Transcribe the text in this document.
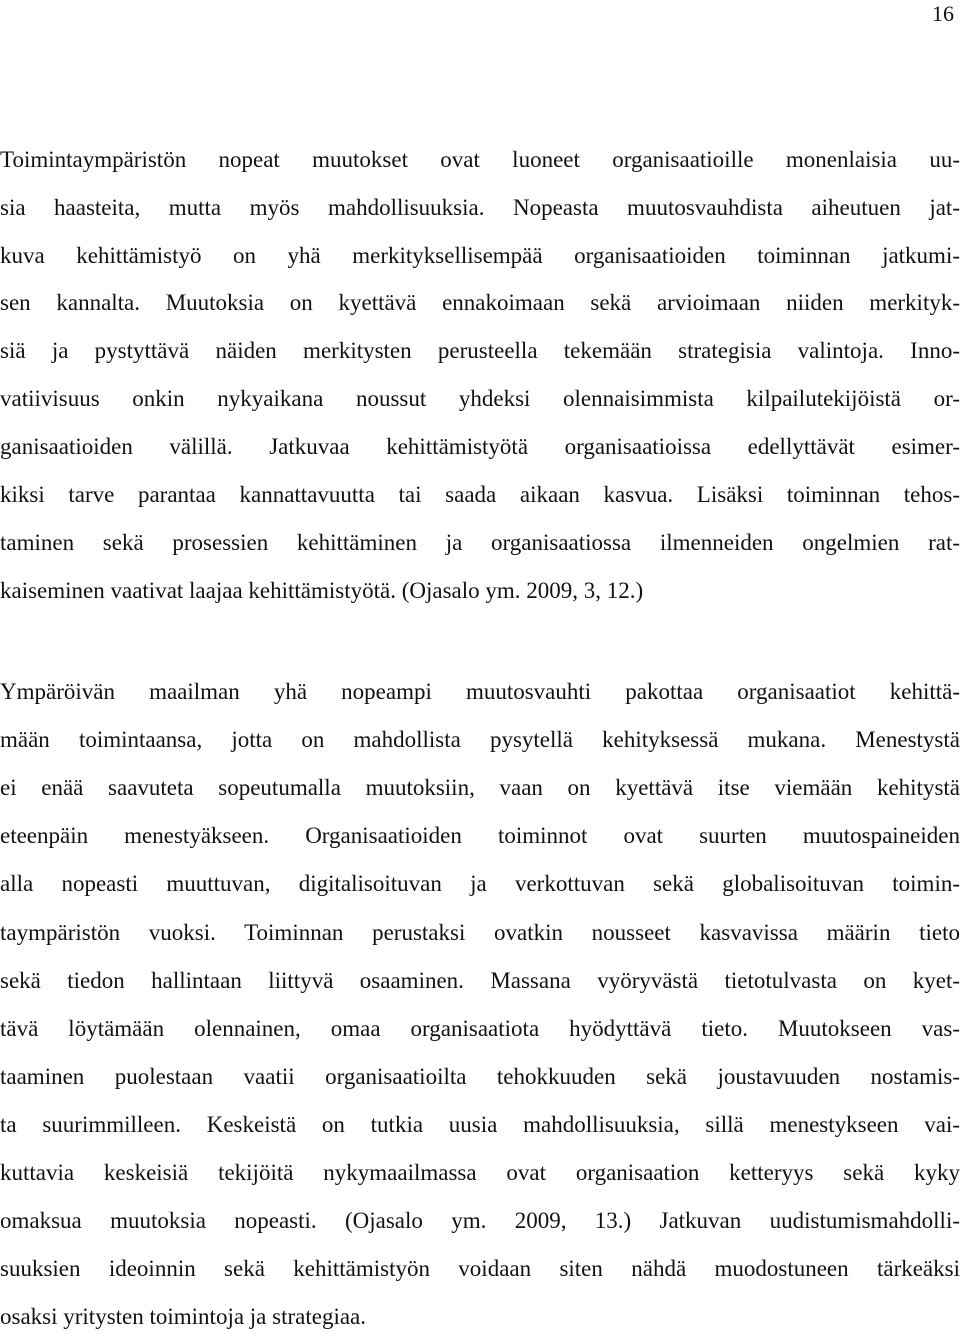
16
Toimintaympäristön nopeat muutokset ovat luoneet organisaatioille monenlaisia uu-
sia haasteita, mutta myös mahdollisuuksia. Nopeasta muutosvauhdista aiheutuen jat-
kuva kehittämistyö on yhä merkityksellisempää organisaatioiden toiminnan jatkumi-
sen kannalta. Muutoksia on kyettävä ennakoimaan sekä arvioimaan niiden merkityk-
siä ja pystyttävä näiden merkitysten perusteella tekemään strategisia valintoja. Inno-
vatiivisuus onkin nykyaikana noussut yhdeksi olennaisimmista kilpailutekijöistä or-
ganisaatioiden välillä. Jatkuvaa kehittämistyötä organisaatioissa edellyttävät esimer-
kiksi tarve parantaa kannattavuutta tai saada aikaan kasvua. Lisäksi toiminnan tehos-
taminen sekä prosessien kehittäminen ja organisaatiossa ilmenneiden ongelmien rat-
kaiseminen vaativat laajaa kehittämistyötä. (Ojasalo ym. 2009, 3, 12.)
Ympäröivän maailman yhä nopeampi muutosvauhti pakottaa organisaatiot kehittä-
mään toimintaansa, jotta on mahdollista pysytellä kehityksessä mukana. Menestystä
ei enää saavuteta sopeutumalla muutoksiin, vaan on kyettävä itse viemään kehitystä
eteenpäin menestyäkseen. Organisaatioiden toiminnot ovat suurten muutospaineiden
alla nopeasti muuttuvan, digitalisoituvan ja verkottuvan sekä globalisoituvan toimin-
taympäristön vuoksi. Toiminnan perustaksi ovatkin nousseet kasvavissa määrin tieto
sekä tiedon hallintaan liittyvä osaaminen. Massana vyöryvästä tietotulvasta on kyet-
tävä löytämään olennainen, omaa organisaatiota hyödyttävä tieto. Muutokseen vas-
taaminen puolestaan vaatii organisaatioilta tehokkuuden sekä joustavuuden nostamis-
ta suurimmilleen. Keskeistä on tutkia uusia mahdollisuuksia, sillä menestykseen vai-
kuttavia keskeisiä tekijöitä nykymaailmassa ovat organisaation ketteryys sekä kyky
omaksua muutoksia nopeasti. (Ojasalo ym. 2009, 13.) Jatkuvan uudistumismahdolli-
suuksien ideoinnin sekä kehittämistyön voidaan siten nähdä muodostuneen tärkeäksi
osaksi yritysten toimintoja ja strategiaa.
